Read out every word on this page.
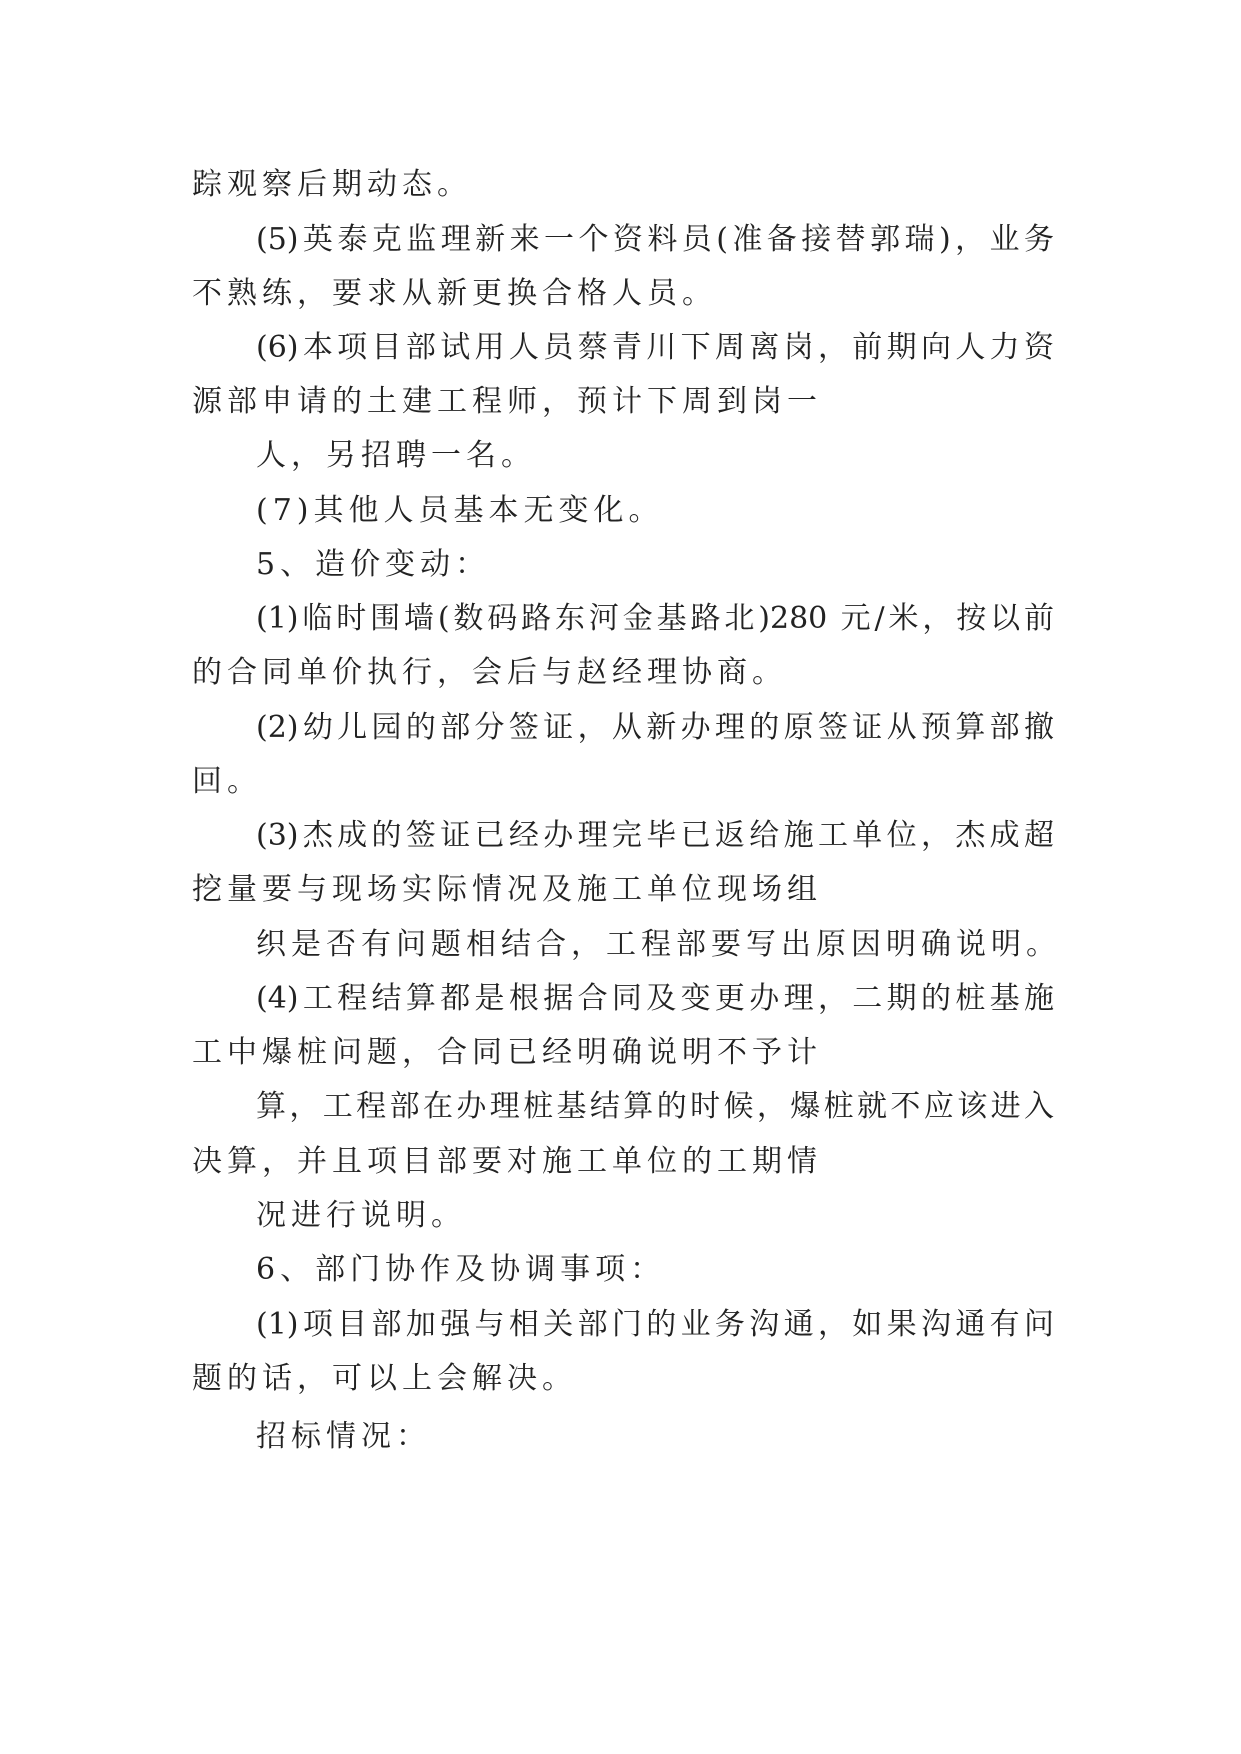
踪观察后期动态。
(5)英泰克监理新来一个资料员(准备接替郭瑞)，业务
不熟练，要求从新更换合格人员。
(6)本项目部试用人员蔡青川下周离岗，前期向人力资
源部申请的土建工程师，预计下周到岗一
人，另招聘一名。
(7)其他人员基本无变化。
5、造价变动：
(1)临时围墙(数码路东河金基路北)280 元/米，按以前
的合同单价执行，会后与赵经理协商。
(2)幼儿园的部分签证，从新办理的原签证从预算部撤
回。
(3)杰成的签证已经办理完毕已返给施工单位，杰成超
挖量要与现场实际情况及施工单位现场组
织是否有问题相结合，工程部要写出原因明确说明。
(4)工程结算都是根据合同及变更办理，二期的桩基施
工中爆桩问题，合同已经明确说明不予计
算，工程部在办理桩基结算的时候，爆桩就不应该进入
决算，并且项目部要对施工单位的工期情
况进行说明。
6、部门协作及协调事项：
(1)项目部加强与相关部门的业务沟通，如果沟通有问
题的话，可以上会解决。
招标情况：
